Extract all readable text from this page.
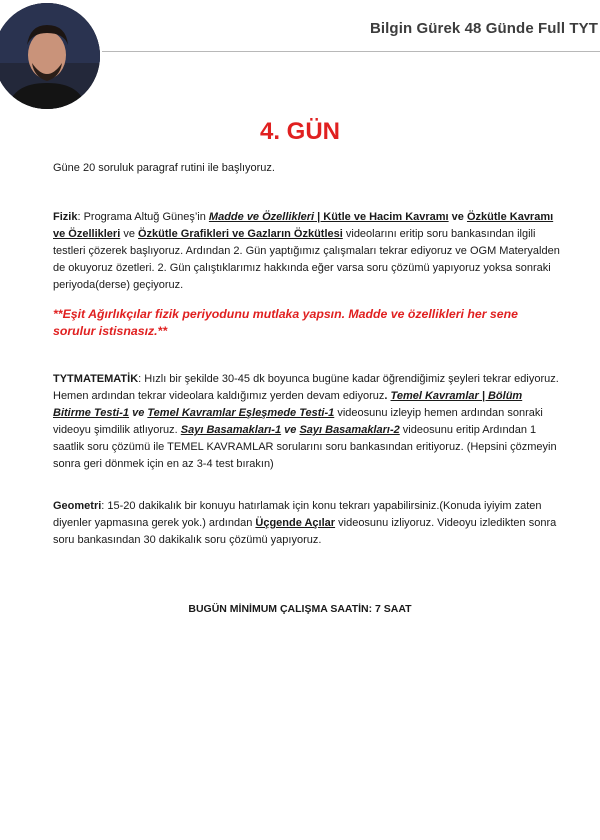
Bilgin Gürek 48 Günde Full TYT
4. GÜN
Güne 20 soruluk paragraf rutini ile başlıyoruz.
Fizik: Programa Altuğ Güneş’in Madde ve Özellikleri | Kütle ve Hacim Kavramı ve Özkütle Kavramı ve Özellikleri ve Özkütle Grafikleri ve Gazların Özkütlesi videolarını eritip soru bankasından ilgili testleri çözerek başlıyoruz. Ardından 2. Gün yaptığımız çalışmaları tekrar ediyoruz ve OGM Materyalden de okuyoruz özetleri. 2. Gün çalıştıklarımız hakkında eğer varsa soru çözümü yapıyoruz yoksa sonraki periyoda(derse) geçiyoruz.
**Eşit Ağırlıkçılar fizik periyodunu mutlaka yapsın. Madde ve özellikleri her sene sorulur istisnasız.**
TYTMATEMATİK: Hızlı bir şekilde 30-45 dk boyunca bugüne kadar öğrendiğimiz şeyleri tekrar ediyoruz. Hemen ardından tekrar videolara kaldığımız yerden devam ediyoruz. Temel Kavramlar | Bölüm Bitirme Testi-1 ve Temel Kavramlar Eşleşmede Testi-1 videosunu izleyip hemen ardından sonraki videoyu şimdilik atlıyoruz. Sayı Basamakları-1 ve Sayı Basamakları-2 videosunu eritip Ardından 1 saatlik soru çözümü ile TEMEL KAVRAMLAR sorularını soru bankasından eritiyoruz. (Hepsini çözmeyin sonra geri dönmek için en az 3-4 test bırakın)
Geometri: 15-20 dakikalık bir konuyu hatırlamak için konu tekrarı yapabilirsiniz.(Konuda iyiyim zaten diyenler yapmasına gerek yok.) ardından Üçgende Açılar videosunu izliyoruz. Videoyu izledikten sonra soru bankasından 30 dakikalık soru çözümü yapıyoruz.
BUGÜN MİNİMUM ÇALIŞMA SAATİN: 7 SAAT
